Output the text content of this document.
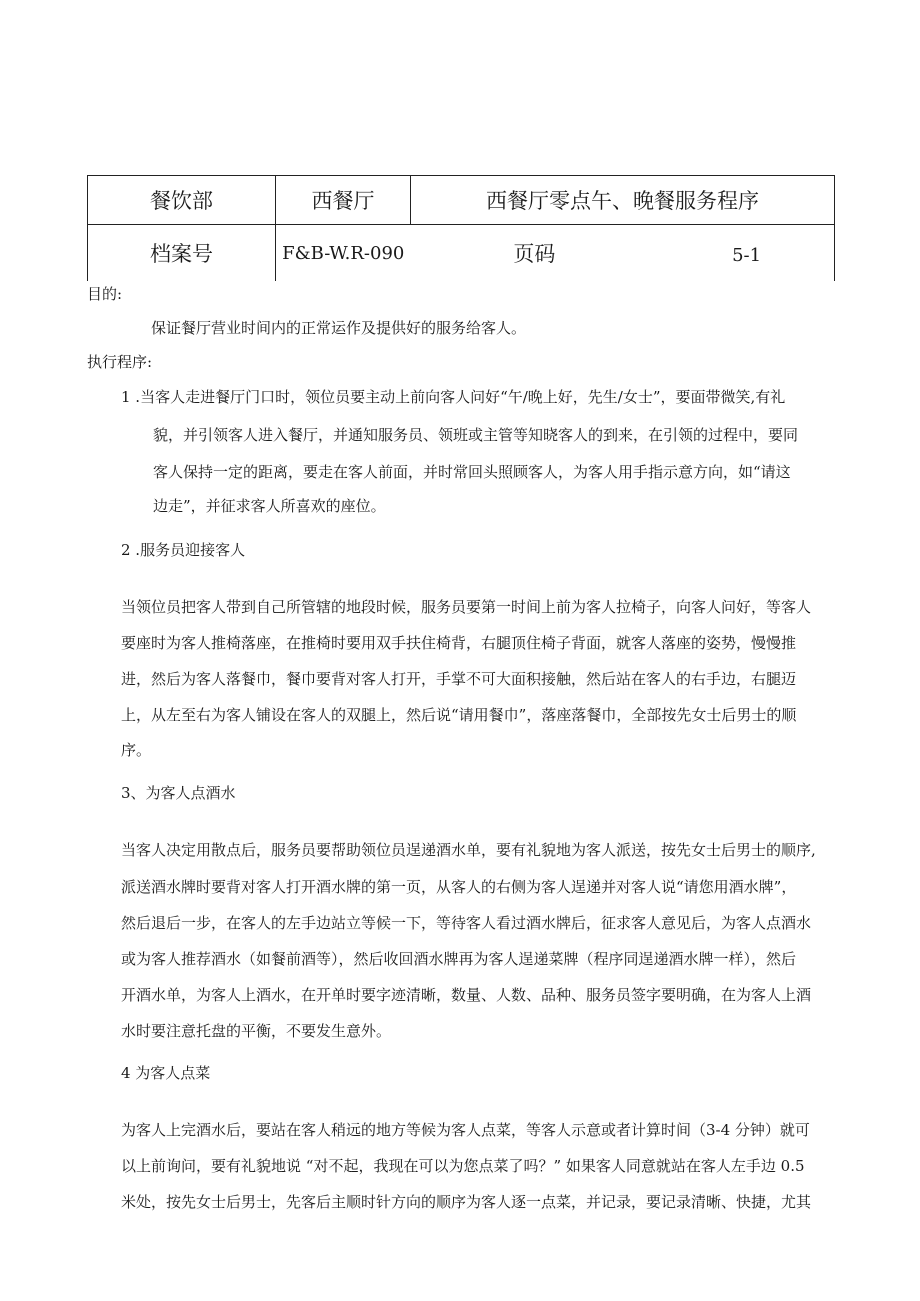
餐饮部	西餐厅	西餐厅零点午、晚餐服务程序
档案号	F&B-W.R-090	页码 5-1
目的:
保证餐厅营业时间内的正常运作及提供好的服务给客人。
执行程序:
1 .当客人走进餐厅门口时，领位员要主动上前向客人问好“午/晚上好，先生/女士”，要面带微笑,有礼
貌，并引领客人进入餐厅，并通知服务员、领班或主管等知晓客人的到来，在引领的过程中，要同
客人保持一定的距离，要走在客人前面，并时常回头照顾客人，为客人用手指示意方向，如“请这
边走”，并征求客人所喜欢的座位。
2 .服务员迎接客人
当领位员把客人带到自己所管辖的地段时候，服务员要第一时间上前为客人拉椅子，向客人问好，等客人
要座时为客人推椅落座，在推椅时要用双手扶住椅背，右腿顶住椅子背面，就客人落座的姿势，慢慢推
进，然后为客人落餐巾，餐巾要背对客人打开，手掌不可大面积接触，然后站在客人的右手边，右腿迈
上，从左至右为客人铺设在客人的双腿上，然后说“请用餐巾”，落座落餐巾，全部按先女士后男士的顺
序。
3、为客人点酒水
当客人决定用散点后，服务员要帮助领位员逞递酒水单，要有礼貌地为客人派送，按先女士后男士的顺序,
派送酒水牌时要背对客人打开酒水牌的第一页，从客人的右侧为客人逞递并对客人说“请您用酒水牌”，
然后退后一步，在客人的左手边站立等候一下，等待客人看过酒水牌后，征求客人意见后，为客人点酒水
或为客人推荐酒水（如餐前酒等），然后收回酒水牌再为客人逞递菜牌（程序同逞递酒水牌一样），然后
开酒水单，为客人上酒水，在开单时要字迹清晰，数量、人数、品种、服务员签字要明确，在为客人上酒
水时要注意托盘的平衡，不要发生意外。
4 为客人点菜
为客人上完酒水后，要站在客人稍远的地方等候为客人点菜，等客人示意或者计算时间（3-4 分钟）就可
以上前询问，要有礼貌地说 “对不起，我现在可以为您点菜了吗？” 如果客人同意就站在客人左手边 0.5
米处，按先女士后男士，先客后主顺时针方向的顺序为客人逐一点菜，并记录，要记录清晰、快捷，尤其
